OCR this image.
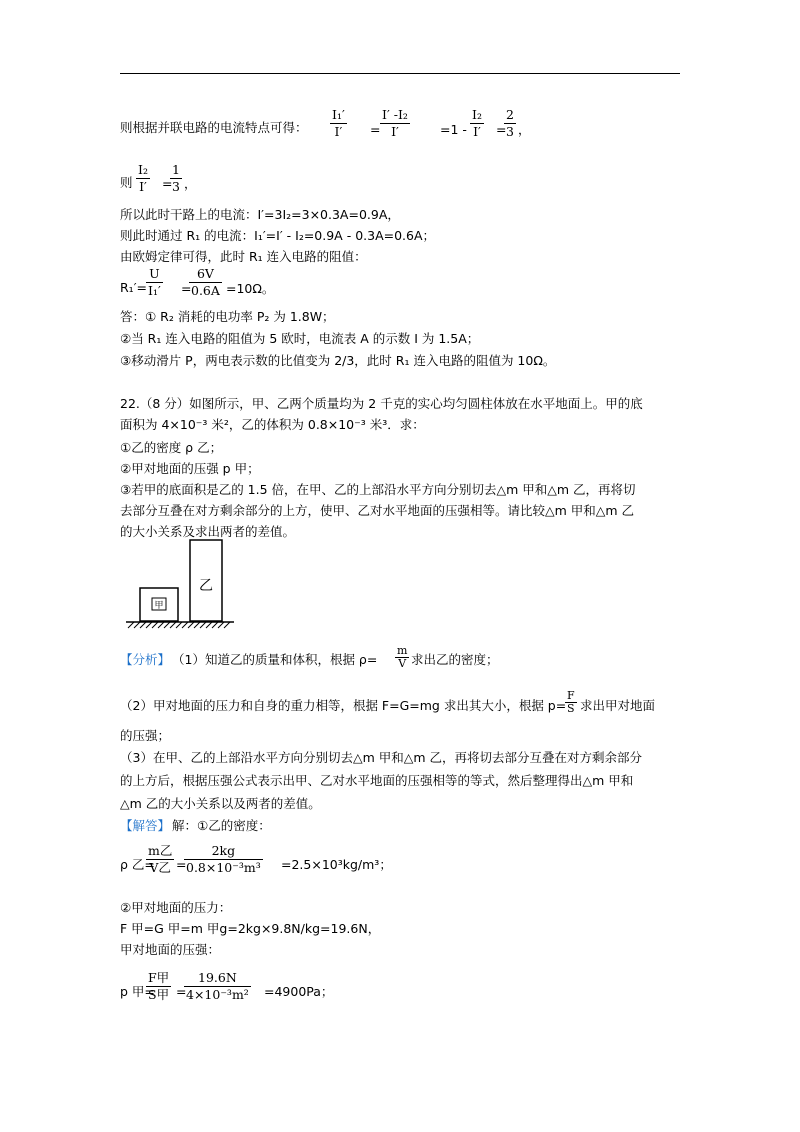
则根据并联电路的电流特点可得： $\frac{\text{I₁′}}{I'} = \frac{\text{I′ -I₂}}{I'} =1 - \frac{\text{I₂}}{I'}$ =
$\frac{2}{3}$ ，
则 $\frac{\text{I₂}}{I'}$ =
$\frac{1}{3}$ ，
所以此时干路上的电流：I′=3I₂=3×0.3A=0.9A，
则此时通过 R₁ 的电流：I₁′=I′ - I₂=0.9A - 0.3A=0.6A；
由欧姆定律可得，此时 R₁ 连入电路的阻值：
R₁′=
$\frac{U}{\text{I₁′}}$ =
$\frac{6V}{0.6A} =10\Omega$。
答：① R₂ 消耗的电功率 P₂ 为 1.8W；
②当 R₁ 连入电路的阻值为 5 欧时，电流表 A 的示数 I 为 1.5A；
③移动滑片 P，两电表示数的比值变为 2/3，此时 R₁ 连入电路的阻值为 10Ω。
22.（8 分）如图所示，甲、乙两个质量均为 2 千克的实心均匀圆柱体放在水平地面上。甲的底
面积为 4×10⁻³ 米²，乙的体积为 0.8×10⁻³ 米³．求：
①乙的密度 ρ 乙；
②甲对地面的压强 p 甲；
③若甲的底面积是乙的 1.5 倍，在甲、乙的上部沿水平方向分别切去△m 甲和△m 乙，再将切
去部分互叠在对方剩余部分的上方，使甲、乙对水平地面的压强相等。请比较△m 甲和△m 乙
的大小关系及求出两者的差值。
甲
乙
【分析】 （1）知道乙的质量和体积，根据 $\rho= \frac{m}{V}$ 求出乙的密度；
（2）甲对地面的压力和自身的重力相等，根据 F=G=mg 求出其大小，根据 p=
$\frac{F}{S}$ 求出甲对地面
的压强；
（3）在甲、乙的上部沿水平方向分别切去△m 甲和△m 乙，再将切去部分互叠在对方剩余部分
的上方后，根据压强公式表示出甲、乙对水平地面的压强相等的等式，然后整理得出△m 甲和
△m 乙的大小关系以及两者的差值。
【解答】 解：①乙的密度：
ρ 乙=
m乙
V乙 =
$\frac{2kg}{\text{0.8×10⁻³m³}} =2.5\times 10^3kg/m^3$；
②甲对地面的压力：
F 甲=G 甲=m 甲g=2kg×9.8N/kg=19.6N，
甲对地面的压强：
p 甲=
F甲
S甲 =
$\frac{19.6N}{\text{4×10⁻³m²}} =4900Pa$；
